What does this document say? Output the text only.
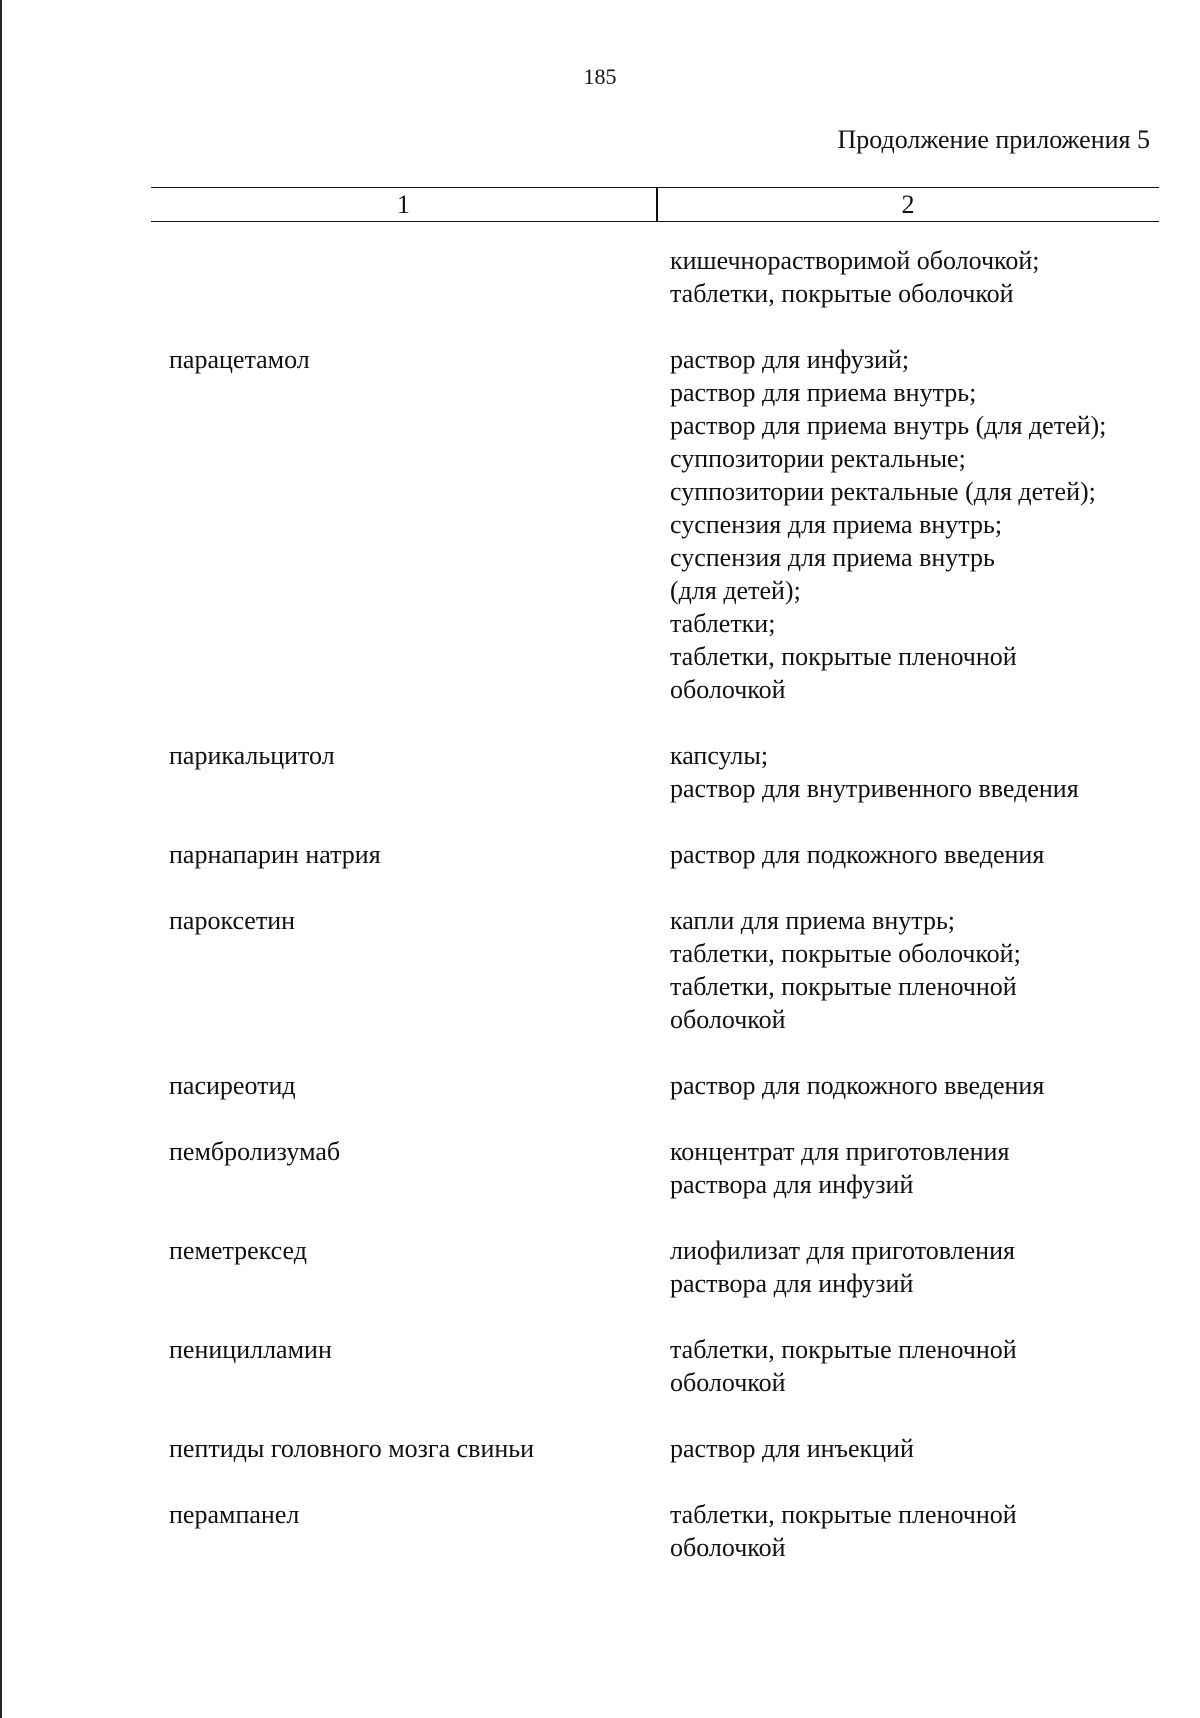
185
Продолжение приложения 5
1	2
кишечнорастворимой оболочкой;
таблетки, покрытые оболочкой
парацетамол	раствор для инфузий;
раствор для приема внутрь;
раствор для приема внутрь (для детей);
суппозитории ректальные;
суппозитории ректальные (для детей);
суспензия для приема внутрь;
суспензия для приема внутрь
(для детей);
таблетки;
таблетки, покрытые пленочной
оболочкой
парикальцитол	капсулы;
раствор для внутривенного введения
парнапарин натрия	раствор для подкожного введения
пароксетин	капли для приема внутрь;
таблетки, покрытые оболочкой;
таблетки, покрытые пленочной
оболочкой
пасиреотид	раствор для подкожного введения
пембролизумаб	концентрат для приготовления
раствора для инфузий
пеметрексед	лиофилизат для приготовления
раствора для инфузий
пеницилламин	таблетки, покрытые пленочной
оболочкой
пептиды головного мозга свиньи	раствор для инъекций
перампанел	таблетки, покрытые пленочной
оболочкой
